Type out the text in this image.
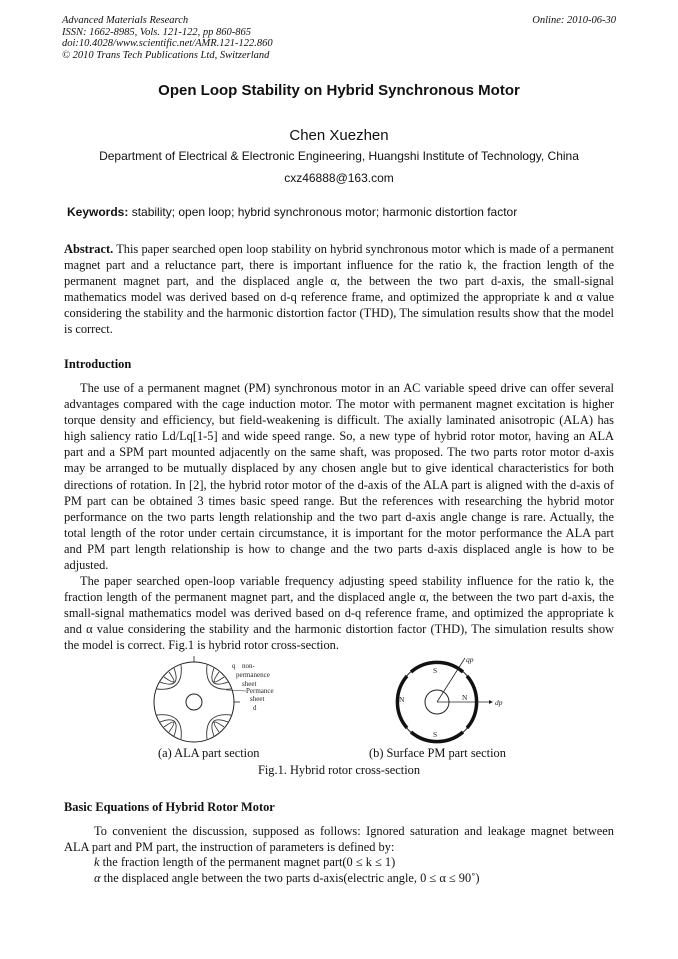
Advanced Materials Research
ISSN: 1662-8985, Vols. 121-122, pp 860-865
doi:10.4028/www.scientific.net/AMR.121-122.860
© 2010 Trans Tech Publications Ltd, Switzerland
Online: 2010-06-30
Open Loop Stability on Hybrid Synchronous Motor
Chen Xuezhen
Department of Electrical & Electronic Engineering, Huangshi Institute of Technology, China
cxz46888@163.com
Keywords: stability; open loop; hybrid synchronous motor; harmonic distortion factor
Abstract. This paper searched open loop stability on hybrid synchronous motor which is made of a permanent magnet part and a reluctance part, there is important influence for the ratio k, the fraction length of the permanent magnet part, and the displaced angle α, the between the two part d-axis, the small-signal mathematics model was derived based on d-q reference frame, and optimized the appropriate k and α value considering the stability and the harmonic distortion factor (THD), The simulation results show that the model is correct.
Introduction
The use of a permanent magnet (PM) synchronous motor in an AC variable speed drive can offer several advantages compared with the cage induction motor. The motor with permanent magnet excitation is higher torque density and efficiency, but field-weakening is difficult. The axially laminated anisotropic (ALA) has high saliency ratio Ld/Lq[1-5] and wide speed range. So, a new type of hybrid rotor motor, having an ALA part and a SPM part mounted adjacently on the same shaft, was proposed. The two parts rotor motor d-axis may be arranged to be mutually displaced by any chosen angle but to give identical characteristics for both directions of rotation. In [2], the hybrid rotor motor of the d-axis of the ALA part is aligned with the d-axis of PM part can be obtained 3 times basic speed range. But the references with researching the hybrid motor performance on the two parts length relationship and the two part d-axis angle change is rare. Actually, the total length of the rotor under certain circumstance, it is important for the motor performance the ALA part and PM part length relationship is how to change and the two parts d-axis displaced angle is how to be adjusted.
The paper searched open-loop variable frequency adjusting speed stability influence for the ratio k, the fraction length of the permanent magnet part, and the displaced angle α, the between the two part d-axis, the small-signal mathematics model was derived based on d-q reference frame, and optimized the appropriate k and α value considering the stability and the harmonic distortion factor (THD), The simulation results show the model is correct. Fig.1 is hybrid rotor cross-section.
q non-
permanence
sheet
Permance
sheet
d
S
S
N	N
qp
dp
(a) ALA part section	(b) Surface PM part section
Fig.1. Hybrid rotor cross-section
Basic Equations of Hybrid Rotor Motor
To convenient the discussion, supposed as follows: Ignored saturation and leakage magnet between ALA part and PM part, the instruction of parameters is defined by:
k the fraction length of the permanent magnet part(0 ≤ k ≤ 1)
α the displaced angle between the two parts d-axis(electric angle, 0 ≤ α ≤ 90˚)
